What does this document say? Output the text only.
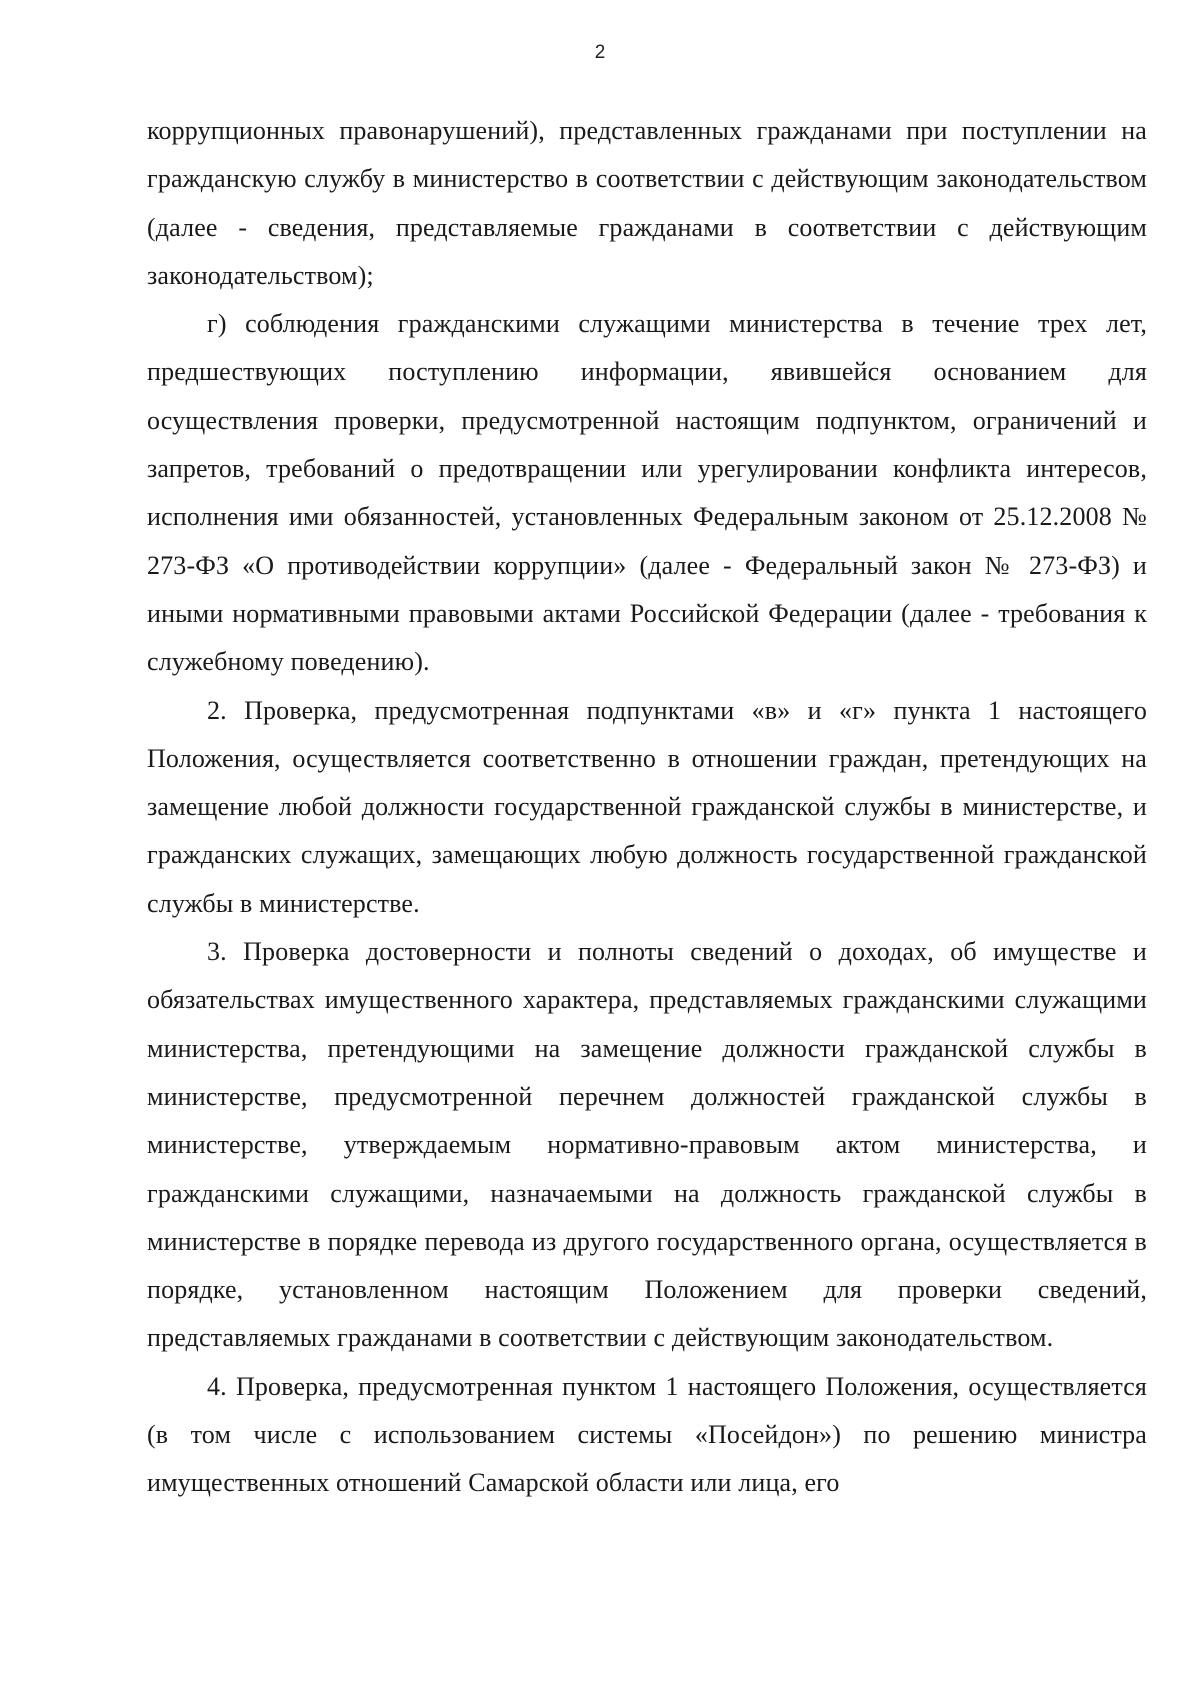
2

коррупционных правонарушений), представленных гражданами при поступлении на гражданскую службу в министерство в соответствии с действующим законодательством (далее - сведения, представляемые гражданами в соответствии с действующим законодательством);

г) соблюдения гражданскими служащими министерства в течение трех лет, предшествующих поступлению информации, явившейся основанием для осуществления проверки, предусмотренной настоящим подпунктом, ограничений и запретов, требований о предотвращении или урегулировании конфликта интересов, исполнения ими обязанностей, установленных Федеральным законом от 25.12.2008 № 273-ФЗ «О противодействии коррупции» (далее - Федеральный закон № 273-ФЗ) и иными нормативными правовыми актами Российской Федерации (далее - требования к служебному поведению).

2. Проверка, предусмотренная подпунктами «в» и «г» пункта 1 настоящего Положения, осуществляется соответственно в отношении граждан, претендующих на замещение любой должности государственной гражданской службы в министерстве, и гражданских служащих, замещающих любую должность государственной гражданской службы в министерстве.

3. Проверка достоверности и полноты сведений о доходах, об имуществе и обязательствах имущественного характера, представляемых гражданскими служащими министерства, претендующими на замещение должности гражданской службы в министерстве, предусмотренной перечнем должностей гражданской службы в министерстве, утверждаемым нормативно-правовым актом министерства, и гражданскими служащими, назначаемыми на должность гражданской службы в министерстве в порядке перевода из другого государственного органа, осуществляется в порядке, установленном настоящим Положением для проверки сведений, представляемых гражданами в соответствии с действующим законодательством.

4. Проверка, предусмотренная пунктом 1 настоящего Положения, осуществляется (в том числе с использованием системы «Посейдон») по решению министра имущественных отношений Самарской области или лица, его
